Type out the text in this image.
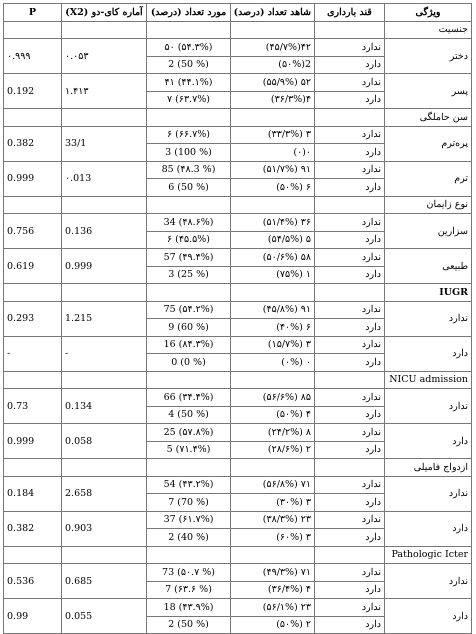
P	آماره کای-دو (X2)	مورد تعداد (درصد)	شاهد تعداد (درصد)	قند بارداری	ویژگی
					جنسیت
۰.۹۹۹	۰.۰۵۳	۵۰ (۵۴.۳%)	۴۲(۴۵/۷%)	ندارد	دختر
		2 (50 %)	2(۵۰%)	دارد	
0.192	۱.۴۱۳	۴۱ (۴۴.۱%)	۵۲ (۵۵/۹%)	ندارد	پسر
		۷ (۶۳.۷%)	۴(۳۶/۳%)	دارد	
					سن حاملگی
0.382	33/1	۶ (۶۶.۷%)	۳ (۳۳/۳%)	ندارد	پره‌ترم
		3 (100 %)	۰(۰)	دارد	
0.999	۰.013	85 (۴۸.3 %)	۹۱ (۵۱/۷%)	ندارد	ترم
		6 (50 %)	۶ (۵۰%)	دارد	
					نوع زایمان
0.756	0.136	34 (۴۸.۶%)	۳۶ (۵۱/۴%)	ندارد	سزارین
		۶ (۴۵.۵%)	۵ (۵۴/۵%)	دارد	
0.619	0.999	57 (۴۹.۴%)	۵۸ (۵۰/۶%)	ندارد	طبیعی
		3 (25 %)	۱ (۷۵%)	دارد	
					IUGR
0.293	1.215	75 (۵۴.۲%)	۹۱ (۴۵/۸%)	ندارد	ندارد
		9 (60 %)	۶ (۴۰%)	دارد	
-	-	16 (۸۴.۳%)	۳ (۱۵/۷%)	ندارد	دارد
		0 (0 %)	۰ (۰%)	دارد	
					NICU admission
0.73	0.134	66 (۳۴.۴%)	۸۵ (۵۶/۶%)	ندارد	ندارد
		4 (50 %)	۴ (۵۰%)	دارد	
0.999	0.058	25 (۵۷.۸%)	۸ (۲۴/۲%)	ندارد	دارد
		5 (۷۱.۴%)	۲ (۲۸/۶%)	دارد	
					ازدواج فامیلی
0.184	2.658	54 (۴۳.۲%)	۷۱ (۵۶/۸%)	ندارد	ندارد
		7 (70 %)	۳ (۳۰%)	دارد	
0.382	0.903	37 (۶۱.۷%)	۲۳ (۳۸/۳%)	ندارد	دارد
		2 (40 %)	۳ (۶۰%)	دارد	
					Pathologic Icter
0.536	0.685	73 (۵۰.۷ %)	۷۱ (۴۹/۳%)	ندارد	ندارد
		7 (۶۳.۶ %)	۴ (۳۶/۴%)	دارد	
0.99	0.055	18 (۴۳.۹%)	۲۳ (۵۶/۱%)	ندارد	دارد
		2 (50 %)	۲ (۵۰%)	دارد	
